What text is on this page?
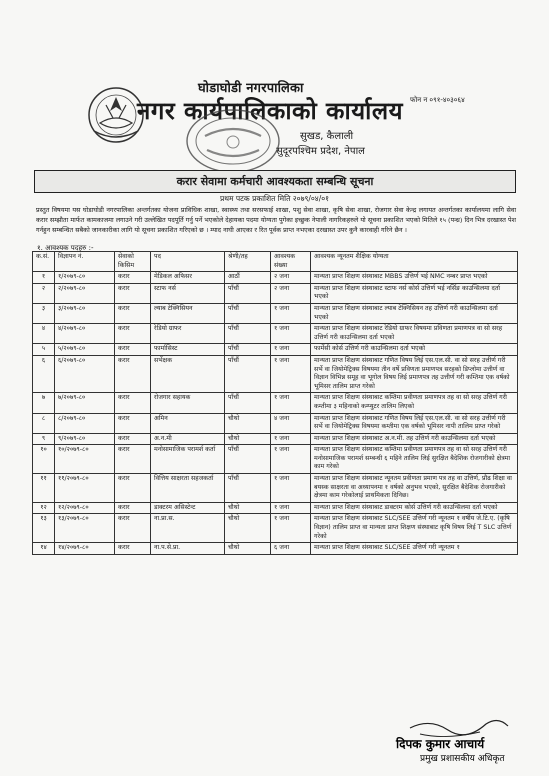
फोन न ०९१-४०३०६४
घोडाघोडी नगरपालिका
नगर कार्यपालिकाको कार्यालय
सुखड, कैलाली
सुदूरपश्चिम प्रदेश, नेपाल
करार सेवामा कर्मचारी आवश्यकता सम्बन्धि सूचना
प्रथम पटक प्रकाशित मिति २०७९/०४/०१
प्रस्तुत विषयमा यस घोडाघोडी नगरपालिका अन्तर्गतका योजना प्राविधिक शाखा, स्वास्थ्य तथा सरसफाई शाखा, पशु सेवा शाखा, कृषि सेवा शाखा, रोजगार सेवा केन्द्र लगायत अन्तर्गतका कार्यालयमा लागि सेवा करार सम्झौता मार्फत कामकाजमा लगाउने गरी उल्लेखित पदपूर्ति गर्नु पर्ने भएकोले देहायका पदमा योग्यता पुगेका इच्छुक नेपाली नागरिकहरुले यो सूचना प्रकाशित भएको मितिले १५ (पन्ध्र) दिन भित्र दरखास्त पेश गर्नहुन सम्बन्धित सबैको जानकारीका लागि यो सूचना प्रकाशित गरिएको छ । म्याद नाघी आएका र रित पूर्वक प्राप्त नभएका दरखास्त उपर कुनै कारवाही गरिने छैन ।
१. आवश्यक पदहरु :-
क.सं.	विज्ञापन नं.	सेवाको किसिम	पद	श्रेणी/तह	आवश्यक संख्या	आवश्यक न्यूनतम शैक्षिक योग्यता
१	१/२०७९-८०	करार	मेडिकल अफिसर	आठौं	२ जना	मान्यता प्राप्त शिक्षण संस्थाबाट MBBS उत्तिर्ण भई NMC नम्बर प्राप्त भएको
२	२/२०७९-८०	करार	स्टाफ नर्स	पाँचौं	२ जना	मान्यता प्राप्त शिक्षण संस्थाबाट स्टाफ नर्स कोर्स उत्तिर्ण भई नर्सिङ काउन्सिलमा दर्ता भएको
३	३/२०७९-८०	करार	ल्याब टेक्निसियन	पाँचौं	१ जना	मान्यता प्राप्त शिक्षण संस्थाबाट ल्याब टेक्निसियन तह उत्तिर्ण गरी काउन्सिलमा दर्ता भएको
४	४/२०७९-८०	करार	रेडियो ग्राफर	पाँचौं	१ जना	मान्यता प्राप्त शिक्षण संस्थाबाट रेडियो ग्राफर विषयमा प्रविणता प्रमाणपत्र वा सो सरह उत्तिर्ण गरी काउन्सिलमा दर्ता भएको
५	५/२०७९-८०	करार	फार्मासिस्ट	पाँचौं	१ जना	फार्मेसी कोर्स उत्तिर्ण गरी काउन्सिलमा दर्ता भएको
६	६/२०७९-८०	करार	सर्भेक्षक	पाँचौं	१ जना	मान्यता प्राप्त शिक्षण संस्थाबाट गणित विषय लिई एस.एल.सी. वा सो सरह उत्तीर्ण गरी सर्भे वा जियोमेट्रिक्स विषयमा तीन वर्षे प्रविणता प्रमाणपत्र सरहको डिप्लोमा उत्तीर्ण वा विज्ञान विभिन्न समूह वा भूगोल विषय लिई प्रमाणपत्र तह उत्तीर्ण गरी कम्तिमा एक वर्षको भूमिसर तालिम प्राप्त गरेको
७	७/२०७९-८०	करार	रोजगार सहायक	पाँचौं	१ जना	मान्यता प्राप्त शिक्षण संस्थाबाट कम्तिमा प्रवीणता प्रमाणपत्र तह वा सो सरह उत्तिर्ण गरी कम्तीमा ३ महिनाको कम्प्युटर तालिम लिएको
८	८/२०७९-८०	करार	अमिन	चौथो	४ जना	मान्यता प्राप्त शिक्षण संस्थाबाट गणित विषय लिई एस.एल.सी. वा सो सरह उत्तीर्ण गरी सर्भे वा जियोमेट्रिक्स विषयमा कम्तीमा एक वर्षको भूमिसर नापी तालिम प्राप्त गरेको
९	९/२०७९-८०	करार	अ.न.मी	चौथो	१ जना	मान्यता प्राप्त शिक्षण संस्थाबाट अ.न.मी. तह उत्तिर्ण गरी काउन्सिलमा दर्ता भएको
१०	१०/२०७९-८०	करार	मनोसामाजिक परामर्श कर्ता	पाँचौं	१ जना	मान्यता प्राप्त शिक्षण संस्थाबाट कम्तिमा प्रवीणता प्रमाणपत्र तह वा सो सरह उत्तिर्ण गरी मनोसामाजिक परामर्श सम्बन्धी ६ महिने तालिम लिई सुरक्षित बैदेशिक रोजगारीको क्षेत्रमा काम गरेको
११	११/२०७९-८०	करार	वित्तिय साक्षरता सहजकर्ता	पाँचौं	१ जना	मान्यता प्राप्त शिक्षण संस्थाबाट न्यूनतम प्रवीणता प्रमाण पत्र तह वा उत्तिर्ण, प्रौढ शिक्षा वा बयस्क साक्षरता वा अध्यापनमा १ वर्षको अनुभव भएको, सुरक्षित बैदेशिक रोजगारीको क्षेत्रमा काम गरेकोलाई प्राथमिकता दिनिछ।
१२	१२/२०७९-८०	करार	डाक्टरम असिस्टेन्ट	चौथो	१ जना	मान्यता प्राप्त शिक्षण संस्थाबाट डाक्टरम कोर्स उत्तिर्ण गरी काउन्सिलमा दर्ता भएको
१३	१३/२०७९-८०	करार	ना.प्रा.स.	चौथो	१ जना	मान्यता प्राप्त शिक्षण संस्थाबाट SLC/SEE उत्तिर्ण गरी न्यूनतम १ वर्षीय जे.टि.ए. (कृषि विज्ञान) तालिम प्राप्त वा मान्यता प्राप्त शिक्षण संस्थाबाट कृषि विषय लिई T SLC उत्तिर्ण गरेको
१४	१४/२०७९-८०	करार	ना.प.से.प्रा.	चौथो	६ जना	मान्यता प्राप्त शिक्षण संस्थाबाट SLC/SEE उत्तिर्ण गरी न्यूनतम १
दिपक कुमार आचार्य
प्रमुख प्रशासकीय अधिकृत
